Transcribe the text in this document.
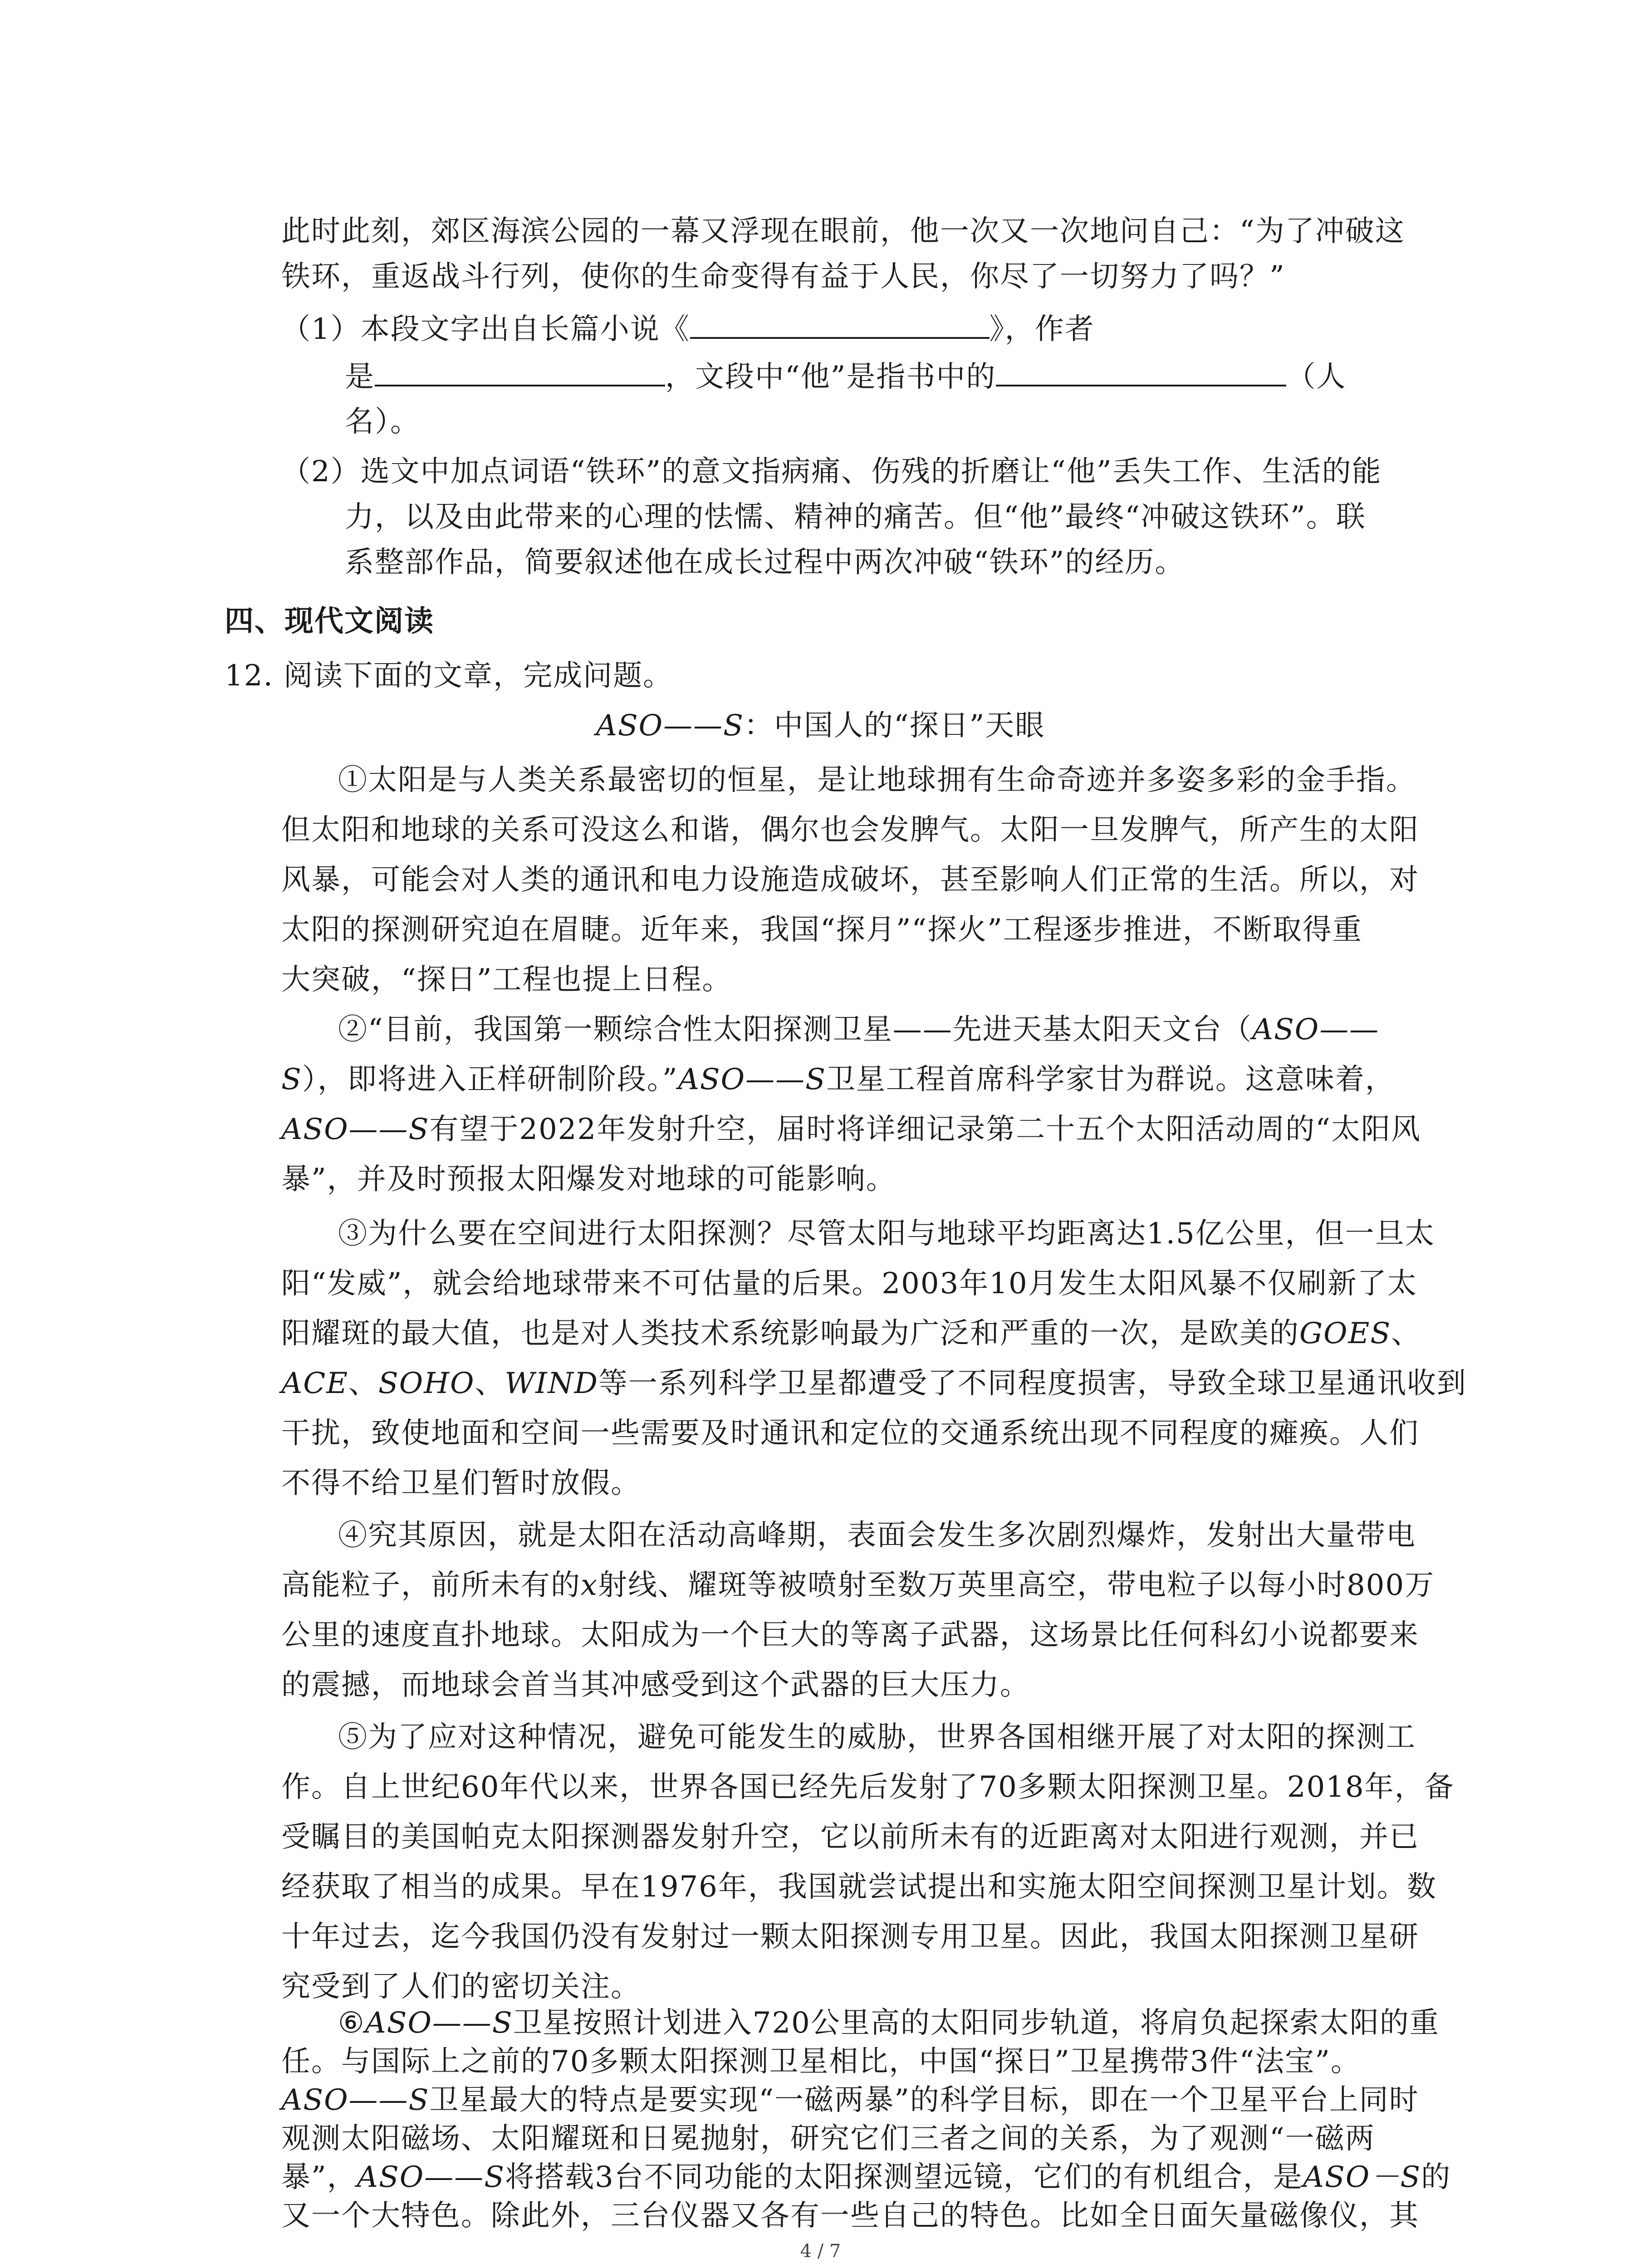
此时此刻，郊区海滨公园的一幕又浮现在眼前，他一次又一次地问自己：“为了冲破这
铁环，重返战斗行列，使你的生命变得有益于人民，你尽了一切努力了吗？”
（1）本段文字出自长篇小说《	》，作者
是	，文段中“他”是指书中的	（人
名）。
（2）选文中加点词语“铁环”的意文指病痛、伤残的折磨让“他”丢失工作、生活的能
力，以及由此带来的心理的怯懦、精神的痛苦。但“他”最终“冲破这铁环”。联
系整部作品，简要叙述他在成长过程中两次冲破“铁环”的经历。
四、现代文阅读
12. 阅读下面的文章，完成问题。
ASO——S：中国人的“探日”天眼
①太阳是与人类关系最密切的恒星，是让地球拥有生命奇迹并多姿多彩的金手指。
但太阳和地球的关系可没这么和谐，偶尔也会发脾气。太阳一旦发脾气，所产生的太阳
风暴，可能会对人类的通讯和电力设施造成破坏，甚至影响人们正常的生活。所以，对
太阳的探测研究迫在眉睫。近年来，我国“探月”“探火”工程逐步推进，不断取得重
大突破，“探日”工程也提上日程。
②“目前，我国第一颗综合性太阳探测卫星——先进天基太阳天文台（ASO——
S），即将进入正样研制阶段。”ASO——S卫星工程首席科学家甘为群说。这意味着，
ASO——S有望于2022年发射升空，届时将详细记录第二十五个太阳活动周的“太阳风
暴”，并及时预报太阳爆发对地球的可能影响。
③为什么要在空间进行太阳探测？尽管太阳与地球平均距离达1.5亿公里，但一旦太
阳“发威”，就会给地球带来不可估量的后果。2003年10月发生太阳风暴不仅刷新了太
阳耀斑的最大值，也是对人类技术系统影响最为广泛和严重的一次，是欧美的GOES、
ACE、SOHO、WIND等一系列科学卫星都遭受了不同程度损害，导致全球卫星通讯收到
干扰，致使地面和空间一些需要及时通讯和定位的交通系统出现不同程度的瘫痪。人们
不得不给卫星们暂时放假。
④究其原因，就是太阳在活动高峰期，表面会发生多次剧烈爆炸，发射出大量带电
高能粒子，前所未有的x射线、耀斑等被喷射至数万英里高空，带电粒子以每小时800万
公里的速度直扑地球。太阳成为一个巨大的等离子武器，这场景比任何科幻小说都要来
的震撼，而地球会首当其冲感受到这个武器的巨大压力。
⑤为了应对这种情况，避免可能发生的威胁，世界各国相继开展了对太阳的探测工
作。自上世纪60年代以来，世界各国已经先后发射了70多颗太阳探测卫星。2018年，备
受瞩目的美国帕克太阳探测器发射升空，它以前所未有的近距离对太阳进行观测，并已
经获取了相当的成果。早在1976年，我国就尝试提出和实施太阳空间探测卫星计划。数
十年过去，迄今我国仍没有发射过一颗太阳探测专用卫星。因此，我国太阳探测卫星研
究受到了人们的密切关注。
⑥ASO——S卫星按照计划进入720公里高的太阳同步轨道，将肩负起探索太阳的重
任。与国际上之前的70多颗太阳探测卫星相比，中国“探日”卫星携带3件“法宝”。
ASO——S卫星最大的特点是要实现“一磁两暴”的科学目标，即在一个卫星平台上同时
观测太阳磁场、太阳耀斑和日冕抛射，研究它们三者之间的关系，为了观测“一磁两
4 / 7
暴”，ASO——S将搭载3台不同功能的太阳探测望远镜，它们的有机组合，是ASO－S的
又一个大特色。除此外，三台仪器又各有一些自己的特色。比如全日面矢量磁像仪，其
